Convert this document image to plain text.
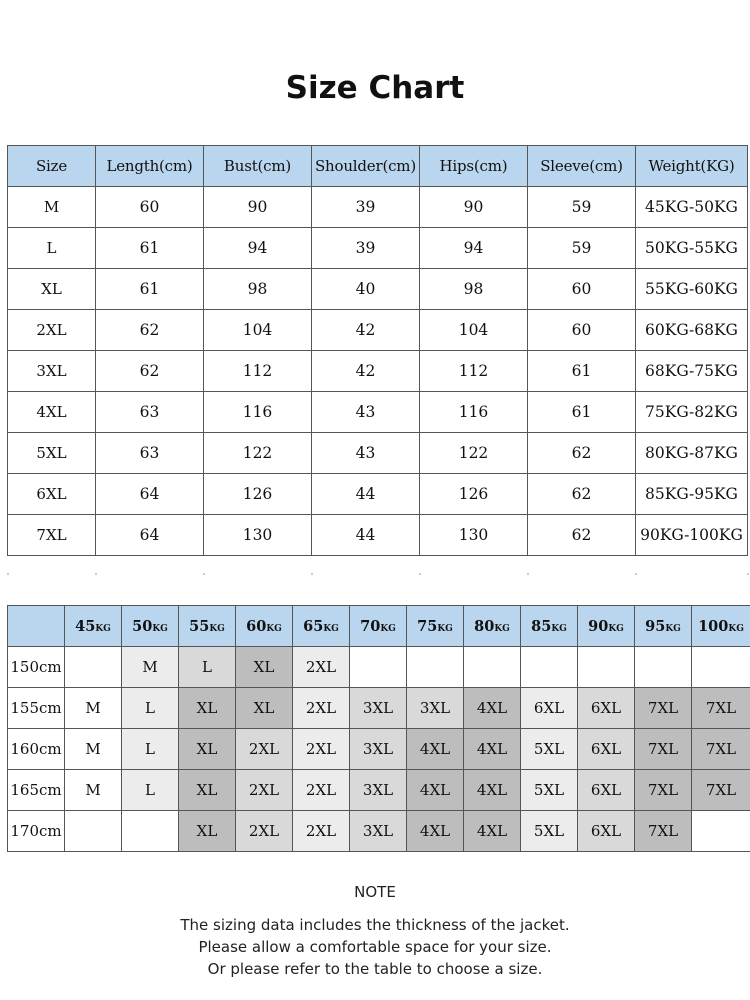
Size Chart
Size	Length(cm)	Bust(cm)	Shoulder(cm)	Hips(cm)	Sleeve(cm)	Weight(KG)
M	60	90	39	90	59	45KG-50KG
L	61	94	39	94	59	50KG-55KG
XL	61	98	40	98	60	55KG-60KG
2XL	62	104	42	104	60	60KG-68KG
3XL	62	112	42	112	61	68KG-75KG
4XL	63	116	43	116	61	75KG-82KG
5XL	63	122	43	122	62	80KG-87KG
6XL	64	126	44	126	62	85KG-95KG
7XL	64	130	44	130	62	90KG-100KG
	45KG	50KG	55KG	60KG	65KG	70KG	75KG	80KG	85KG	90KG	95KG	100KG
150cm		M	L	XL	2XL							
155cm	M	L	XL	XL	2XL	3XL	3XL	4XL	6XL	6XL	7XL	7XL
160cm	M	L	XL	2XL	2XL	3XL	4XL	4XL	5XL	6XL	7XL	7XL
165cm	M	L	XL	2XL	2XL	3XL	4XL	4XL	5XL	6XL	7XL	7XL
170cm			XL	2XL	2XL	3XL	4XL	4XL	5XL	6XL	7XL	
NOTE
The sizing data includes the thickness of the jacket.
Please allow a comfortable space for your size.
Or please refer to the table to choose a size.
